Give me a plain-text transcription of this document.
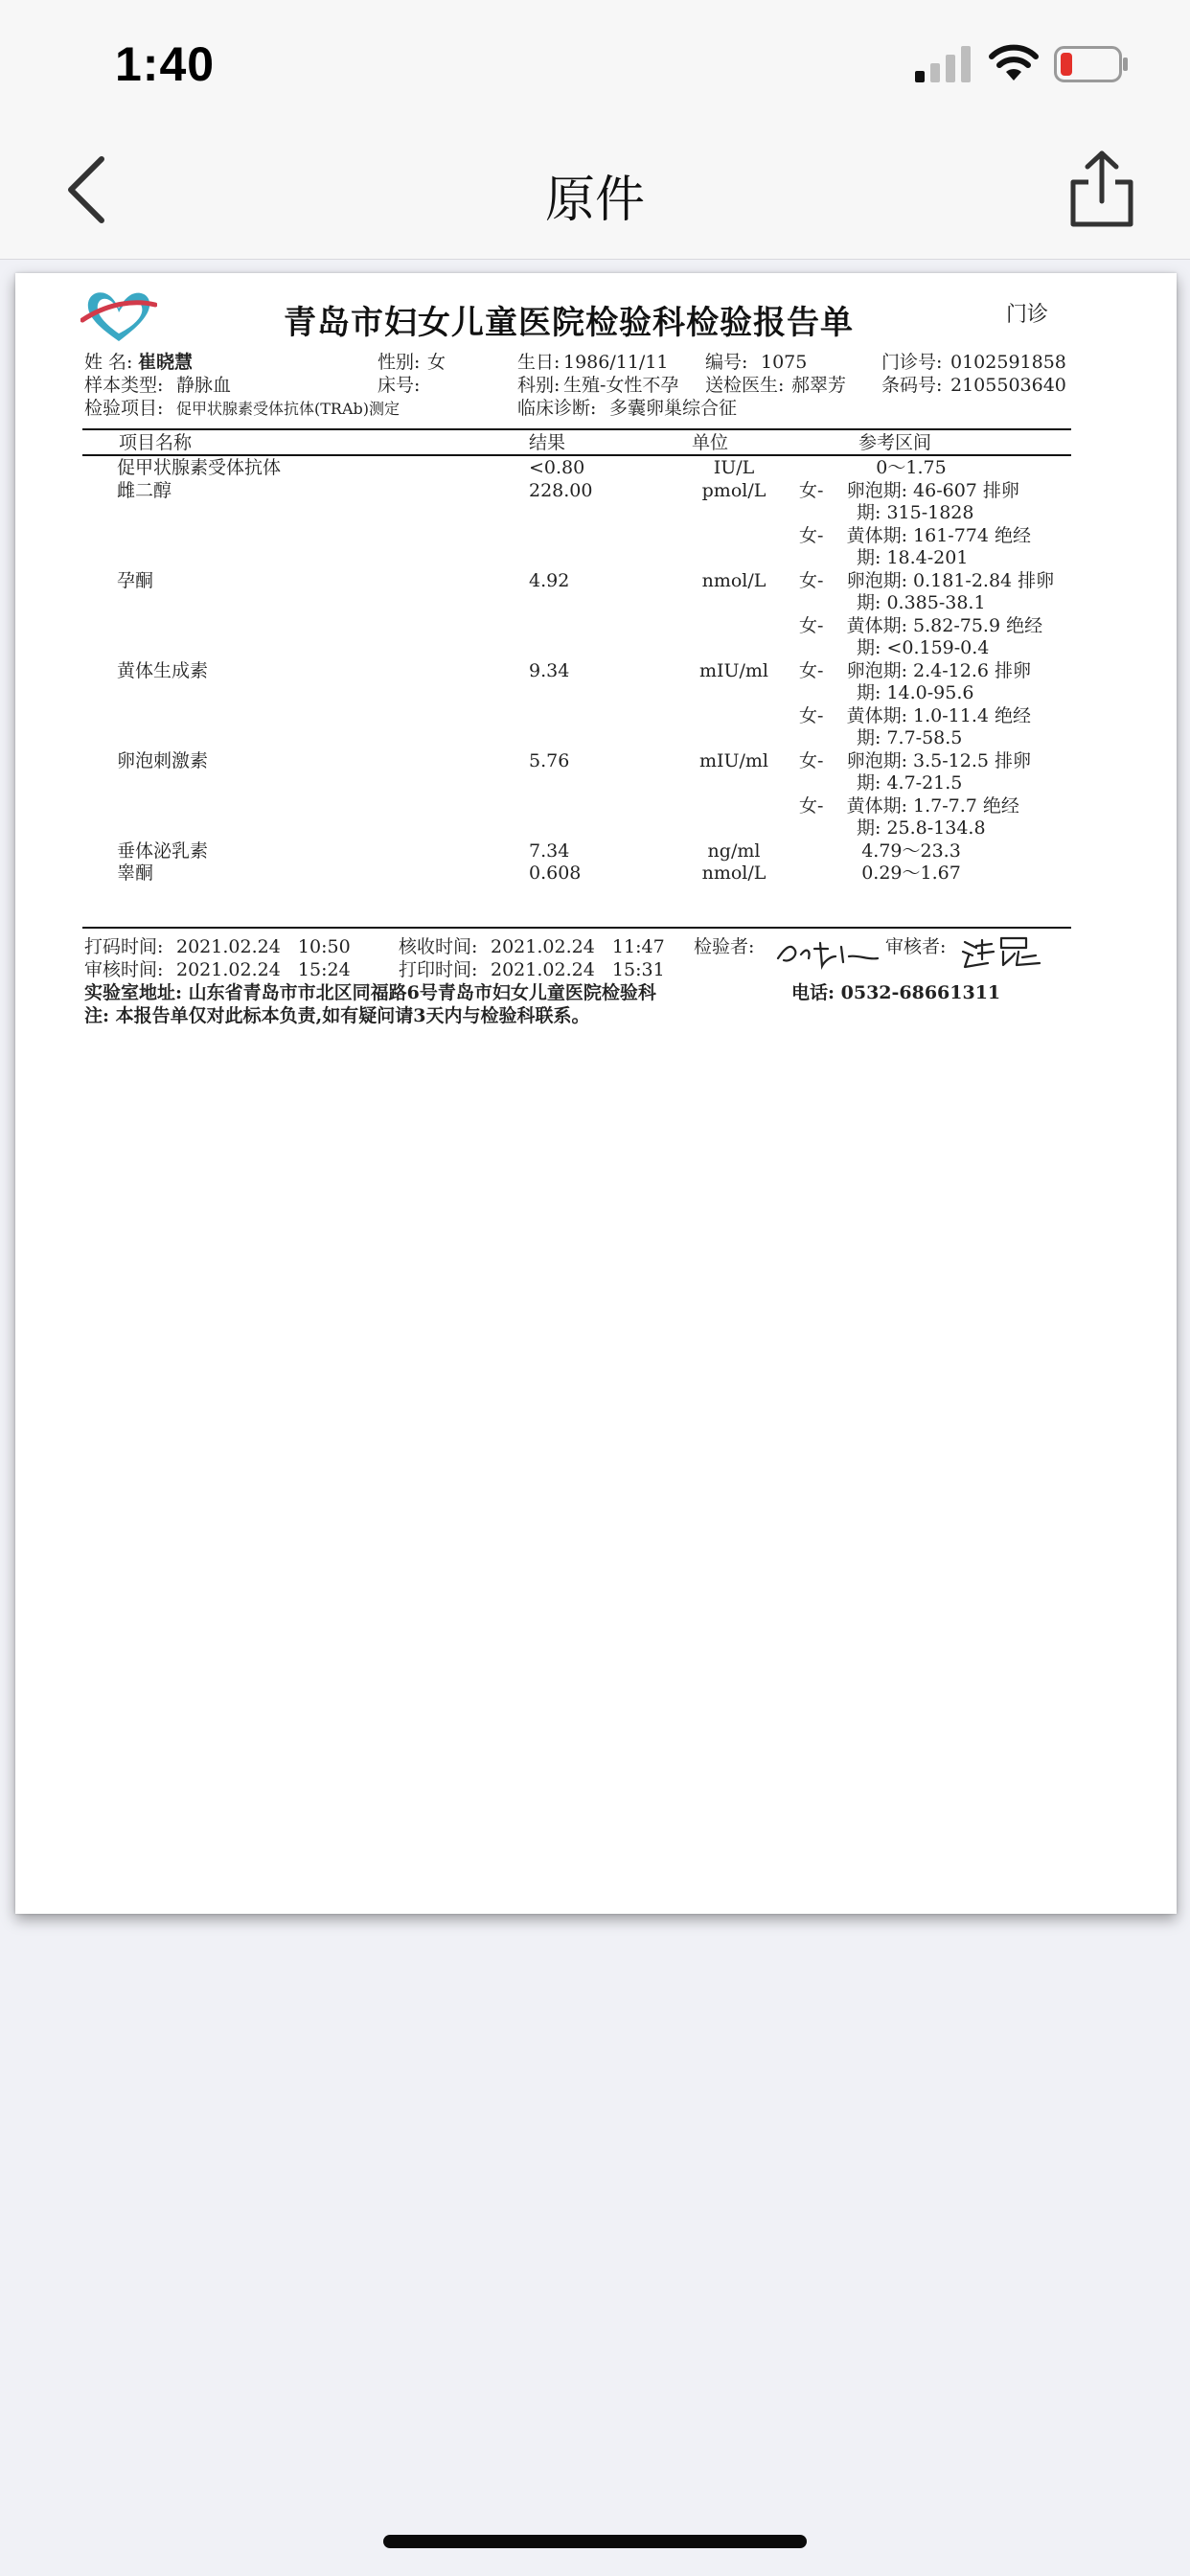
1:40
原件
青岛市妇女儿童医院检验科检验报告单	门诊
姓 名: 崔晓慧	性别: 女	生日: 1986/11/11 编号: 1075	门诊号: 0102591858
样本类型: 静脉血	床号:	科别: 生殖-女性不孕 送检医生: 郝翠芳 条码号: 2105503640
检验项目: 促甲状腺素受体抗体(TRAb)测定	临床诊断: 多囊卵巢综合征
项目名称	结果	单位	参考区间
促甲状腺素受体抗体	<0.80	IU/L	0～1.75
雌二醇	228.00	pmol/L	女-    卵泡期: 46-607 排卵
期: 315-1828
女-    黄体期: 161-774 绝经
期: 18.4-201
孕酮	4.92	nmol/L	女-    卵泡期: 0.181-2.84 排卵
期: 0.385-38.1
女-    黄体期: 5.82-75.9 绝经
期: <0.159-0.4
黄体生成素	9.34	mIU/ml	女-    卵泡期: 2.4-12.6 排卵
期: 14.0-95.6
女-    黄体期: 1.0-11.4 绝经
期: 7.7-58.5
卵泡刺激素	5.76	mIU/ml	女-    卵泡期: 3.5-12.5 排卵
期: 4.7-21.5
女-    黄体期: 1.7-7.7 绝经
期: 25.8-134.8
垂体泌乳素	7.34	ng/ml	4.79～23.3
睾酮	0.608	nmol/L	0.29～1.67
打码时间: 2021.02.24   10:50	核收时间: 2021.02.24   11:47 检验者:	审核者:
审核时间: 2021.02.24   15:24	打印时间: 2021.02.24   15:31
电话: 0532-68661311
实验室地址: 山东省青岛市市北区同福路6号青岛市妇女儿童医院检验科
注: 本报告单仅对此标本负责,如有疑问请3天内与检验科联系。
